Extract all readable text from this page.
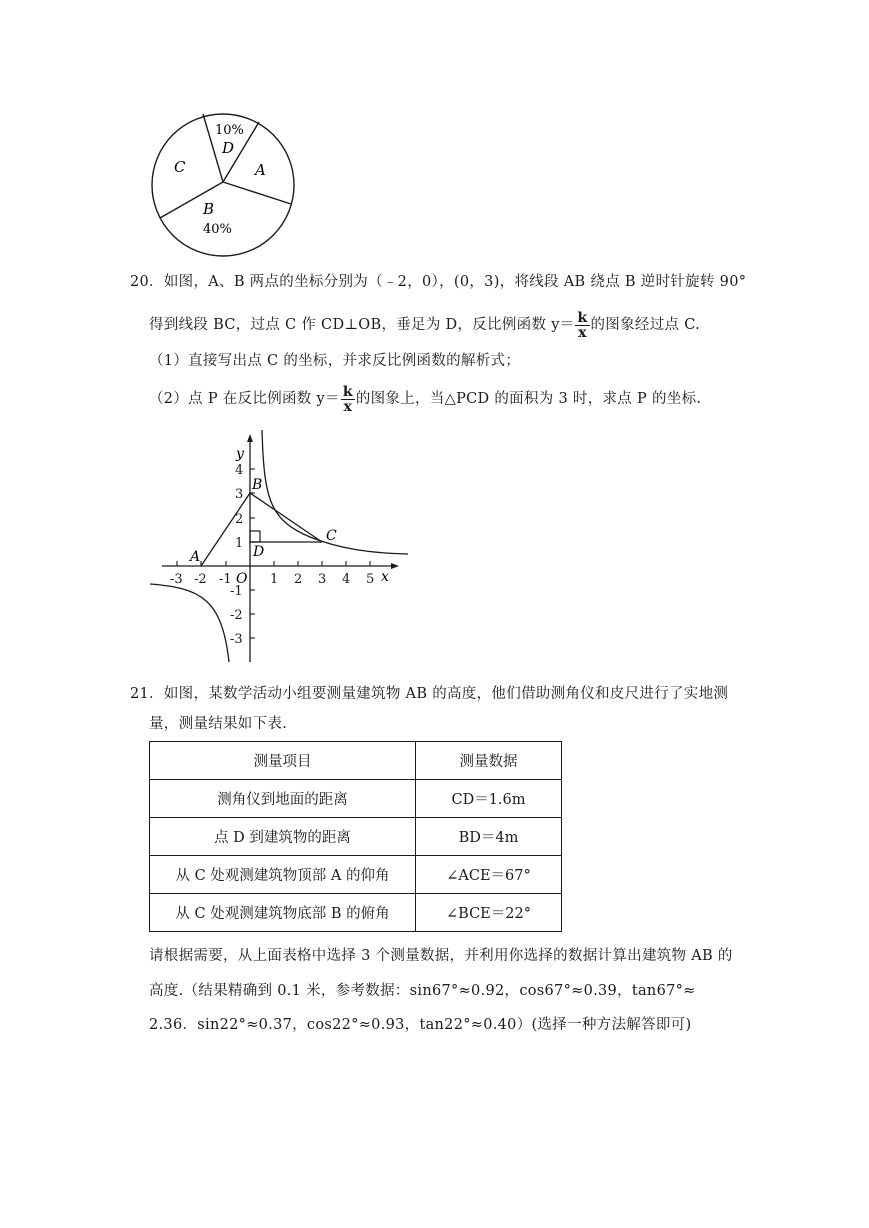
C
10%
D
A
B
40%
20．如图，A、B 两点的坐标分别为（﹣2，0），(0，3)，将线段 AB 绕点 B 逆时针旋转 90°
得到线段 BC，过点 C 作 CD⊥OB，垂足为 D，反比例函数 $y= \frac{k}{x}$ 的图象经过点 C.
（1）直接写出点 C 的坐标，并求反比例函数的解析式；
（2）点 P 在反比例函数 $y= \frac{k}{x}$ 的图象上，当△PCD 的面积为 3 时，求点 P 的坐标.
-3 -2 -1	1 2 3 4 5
4
3
2
1
-1
-2
-3
O	x
y
A
B
C
D
21．如图，某数学活动小组要测量建筑物 AB 的高度，他们借助测角仪和皮尺进行了实地测
量，测量结果如下表.
测量项目	测量数据
测角仪到地面的距离	CD＝1.6m
点 D 到建筑物的距离	BD＝4m
从 C 处观测建筑物顶部 A 的仰角	∠ACE＝67°
从 C 处观测建筑物底部 B 的俯角	∠BCE＝22°
请根据需要，从上面表格中选择 3 个测量数据，并利用你选择的数据计算出建筑物 AB 的
高度.（结果精确到 0.1 米，参考数据：sin67°≈0.92，cos67°≈0.39，tan67°≈
2.36．sin22°≈0.37，cos22°≈0.93，tan22°≈0.40）(选择一种方法解答即可)
